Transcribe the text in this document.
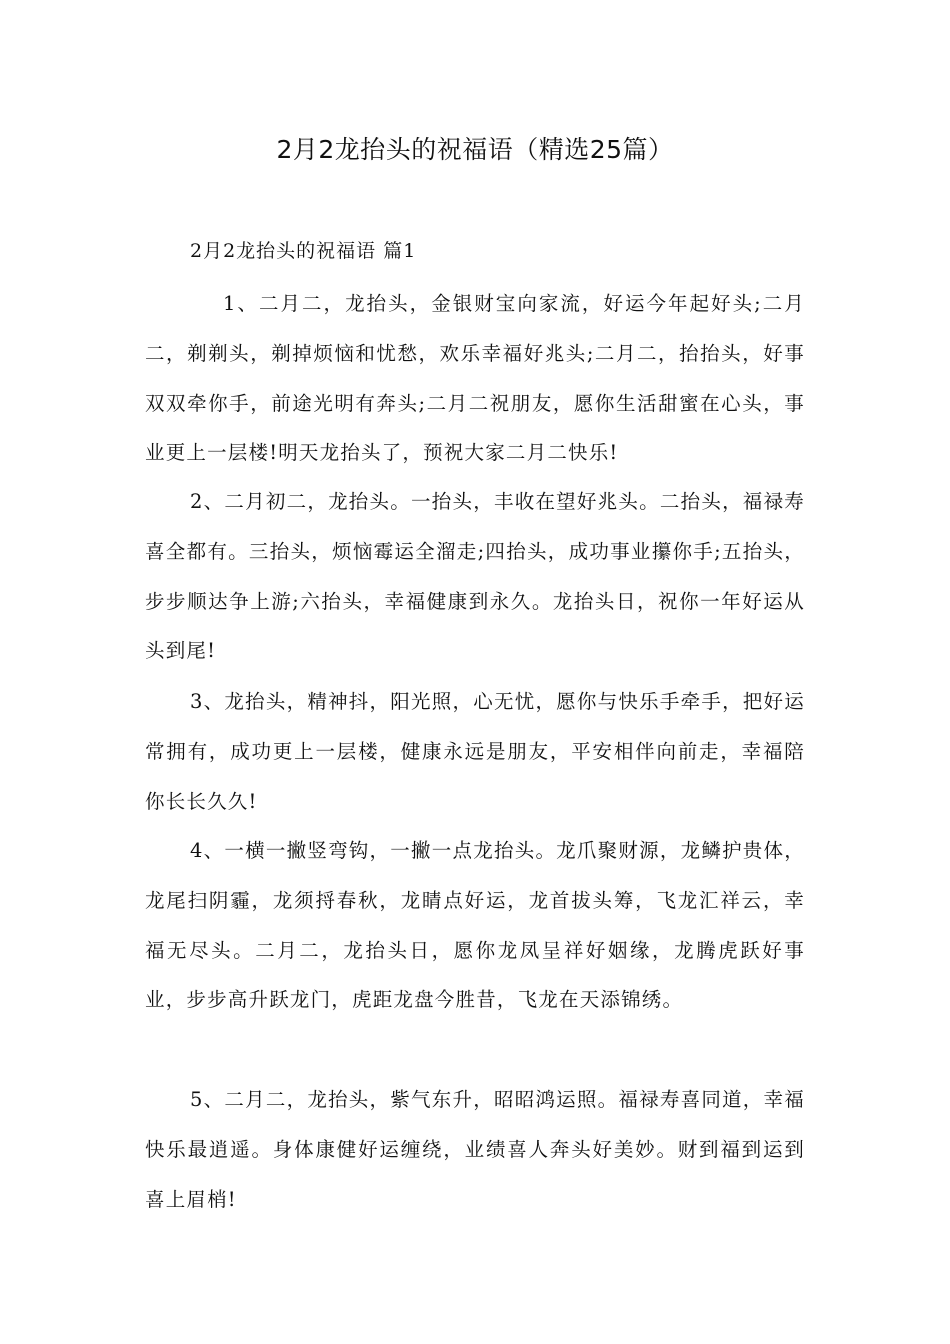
2月2龙抬头的祝福语（精选25篇）
2月2龙抬头的祝福语 篇1

1、二月二，龙抬头，金银财宝向家流，好运今年起好头;二月二，剃剃头，剃掉烦恼和忧愁，欢乐幸福好兆头;二月二，抬抬头，好事双双牵你手，前途光明有奔头;二月二祝朋友，愿你生活甜蜜在心头，事业更上一层楼!明天龙抬头了，预祝大家二月二快乐!

2、二月初二，龙抬头。一抬头，丰收在望好兆头。二抬头，福禄寿喜全都有。三抬头，烦恼霉运全溜走;四抬头，成功事业攥你手;五抬头，步步顺达争上游;六抬头，幸福健康到永久。龙抬头日，祝你一年好运从头到尾!

3、龙抬头，精神抖，阳光照，心无忧，愿你与快乐手牵手，把好运常拥有，成功更上一层楼，健康永远是朋友，平安相伴向前走，幸福陪你长长久久!

4、一横一撇竖弯钩，一撇一点龙抬头。龙爪聚财源，龙鳞护贵体，龙尾扫阴霾，龙须捋春秋，龙睛点好运，龙首拔头筹，飞龙汇祥云，幸福无尽头。二月二，龙抬头日，愿你龙凤呈祥好姻缘，龙腾虎跃好事业，步步高升跃龙门，虎距龙盘今胜昔，飞龙在天添锦绣。

5、二月二，龙抬头，紫气东升，昭昭鸿运照。福禄寿喜同道，幸福快乐最逍遥。身体康健好运缠绕，业绩喜人奔头好美妙。财到福到运到喜上眉梢!
